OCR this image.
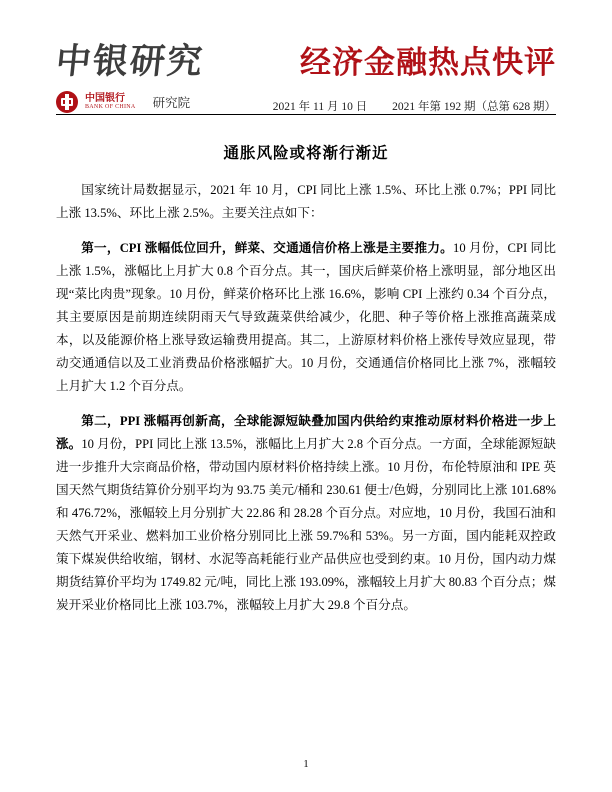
中银研究
中国银行
BANK OF CHINA 研究院
经济金融热点快评
2021 年 11 月 10 日 2021 年第 192 期（总第 628 期）
通胀风险或将渐行渐近

国家统计局数据显示，2021 年 10 月，CPI 同比上涨 1.5%、环比上涨 0.7%；PPI 同比上涨 13.5%、环比上涨 2.5%。主要关注点如下：

第一，CPI 涨幅低位回升，鲜菜、交通通信价格上涨是主要推力。10 月份，CPI 同比上涨 1.5%，涨幅比上月扩大 0.8 个百分点。其一，国庆后鲜菜价格上涨明显，部分地区出现“菜比肉贵”现象。10 月份，鲜菜价格环比上涨 16.6%，影响 CPI 上涨约 0.34 个百分点，其主要原因是前期连续阴雨天气导致蔬菜供给减少，化肥、种子等价格上涨推高蔬菜成本，以及能源价格上涨导致运输费用提高。其二，上游原材料价格上涨传导效应显现，带动交通通信以及工业消费品价格涨幅扩大。10 月份，交通通信价格同比上涨 7%，涨幅较上月扩大 1.2 个百分点。

第二，PPI 涨幅再创新高，全球能源短缺叠加国内供给约束推动原材料价格进一步上涨。10 月份，PPI 同比上涨 13.5%，涨幅比上月扩大 2.8 个百分点。一方面，全球能源短缺进一步推升大宗商品价格，带动国内原材料价格持续上涨。10 月份，布伦特原油和 IPE 英国天然气期货结算价分别平均为 93.75 美元/桶和 230.61 便士/色姆，分别同比上涨 101.68%和 476.72%，涨幅较上月分别扩大 22.86 和 28.28 个百分点。对应地，10 月份，我国石油和天然气开采业、燃料加工业价格分别同比上涨 59.7%和 53%。另一方面，国内能耗双控政策下煤炭供给收缩，钢材、水泥等高耗能行业产品供应也受到约束。10 月份，国内动力煤期货结算价平均为 1749.82 元/吨，同比上涨 193.09%，涨幅较上月扩大 80.83 个百分点；煤炭开采业价格同比上涨 103.7%，涨幅较上月扩大 29.8 个百分点。

1
